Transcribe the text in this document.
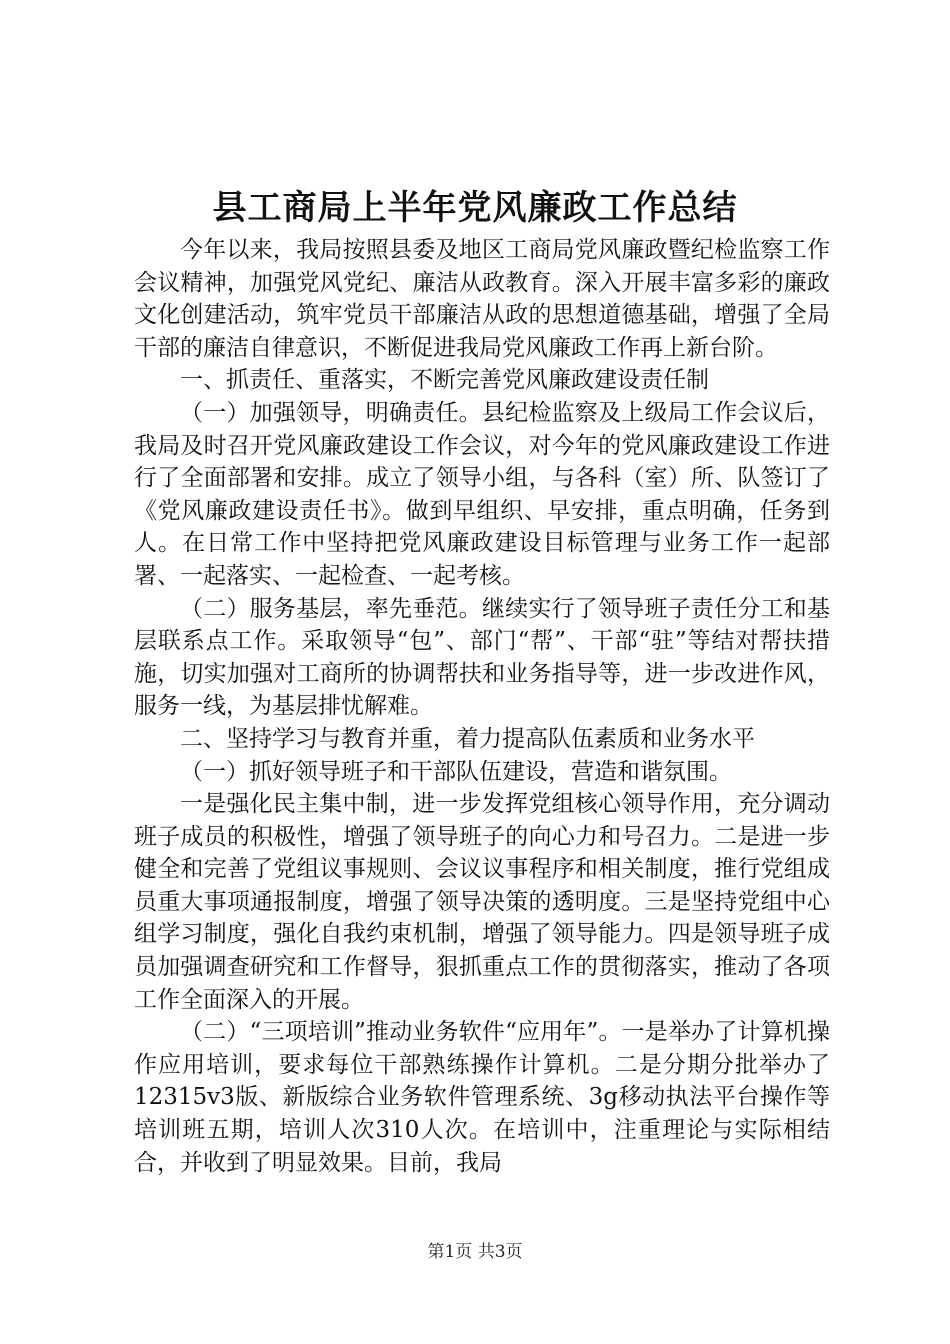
县工商局上半年党风廉政工作总结

今年以来，我局按照县委及地区工商局党风廉政暨纪检监察工作会议精神，加强党风党纪、廉洁从政教育。深入开展丰富多彩的廉政文化创建活动，筑牢党员干部廉洁从政的思想道德基础，增强了全局干部的廉洁自律意识，不断促进我局党风廉政工作再上新台阶。

一、抓责任、重落实，不断完善党风廉政建设责任制

（一）加强领导，明确责任。县纪检监察及上级局工作会议后，我局及时召开党风廉政建设工作会议，对今年的党风廉政建设工作进行了全面部署和安排。成立了领导小组，与各科（室）所、队签订了《党风廉政建设责任书》。做到早组织、早安排，重点明确，任务到人。在日常工作中坚持把党风廉政建设目标管理与业务工作一起部署、一起落实、一起检查、一起考核。

（二）服务基层，率先垂范。继续实行了领导班子责任分工和基层联系点工作。采取领导“包”、部门“帮”、干部“驻”等结对帮扶措施，切实加强对工商所的协调帮扶和业务指导等，进一步改进作风，服务一线，为基层排忧解难。

二、坚持学习与教育并重，着力提高队伍素质和业务水平

（一）抓好领导班子和干部队伍建设，营造和谐氛围。

一是强化民主集中制，进一步发挥党组核心领导作用，充分调动班子成员的积极性，增强了领导班子的向心力和号召力。二是进一步健全和完善了党组议事规则、会议议事程序和相关制度，推行党组成员重大事项通报制度，增强了领导决策的透明度。三是坚持党组中心组学习制度，强化自我约束机制，增强了领导能力。四是领导班子成员加强调查研究和工作督导，狠抓重点工作的贯彻落实，推动了各项工作全面深入的开展。

（二）“三项培训”推动业务软件“应用年”。一是举办了计算机操作应用培训，要求每位干部熟练操作计算机。二是分期分批举办了12315v3版、新版综合业务软件管理系统、3g移动执法平台操作等培训班五期，培训人次310人次。在培训中，注重理论与实际相结合，并收到了明显效果。目前，我局

第1页 共3页
